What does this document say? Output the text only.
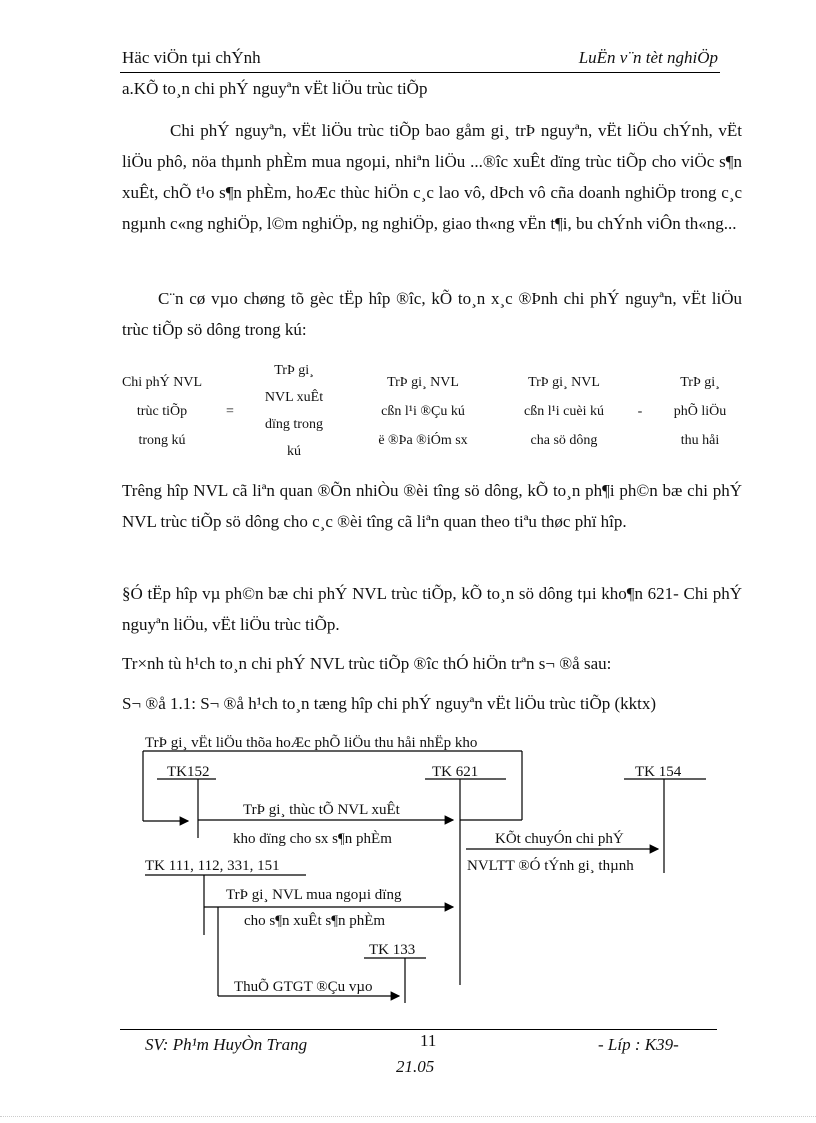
Häc viÖn tµi chÝnh	LuËn v¨n tèt nghiÖp
a.KÕ to¸n chi phÝ nguyªn vËt liÖu trùc tiÕp
Chi phÝ nguyªn, vËt liÖu trùc tiÕp bao gåm gi¸ trÞ nguyªn, vËt liÖu chÝnh, vËt liÖu phô, nöa thµnh phÈm mua ngoµi, nhiªn liÖu ...®îc xuÊt dïng trùc tiÕp cho viÖc s¶n xuÊt, chÕ t¹o s¶n phÈm, hoÆc thùc hiÖn c¸c lao vô, dÞch vô cña doanh nghiÖp trong c¸c ngµnh c«ng nghiÖp, l©m nghiÖp, ng nghiÖp, giao th«ng vËn t¶i, bu chÝnh viÔn th«ng...
C¨n cø vµo chøng tõ gèc tËp hîp ®îc, kÕ to¸n x¸c ®Þnh chi phÝ nguyªn, vËt liÖu trùc tiÕp sö dông trong kú:
Chi phÝ NVL
trùc tiÕp
trong kú
	=	
TrÞ gi¸
NVL xuÊt
dïng trong
kú

TrÞ gi¸ NVL
cßn l¹i ®Çu kú
ë ®Þa ®iÓm sx

TrÞ gi¸ NVL
cßn l¹i cuèi kú
cha sö dông
	-	
TrÞ gi¸
phÕ liÖu
thu håi
Trêng hîp NVL cã liªn quan ®Õn nhiÒu ®èi tîng sö dông, kÕ to¸n ph¶i ph©n bæ chi phÝ NVL trùc tiÕp sö dông cho c¸c ®èi tîng cã liªn quan theo tiªu thøc phï hîp.
§Ó tËp hîp vµ ph©n bæ chi phÝ NVL trùc tiÕp, kÕ to¸n sö dông tµi kho¶n 621- Chi phÝ nguyªn liÖu, vËt liÖu trùc tiÕp.
Tr×nh tù h¹ch to¸n chi phÝ NVL trùc tiÕp ®îc thÓ hiÖn trªn s¬ ®å sau:
S¬ ®å 1.1: S¬ ®å h¹ch to¸n tæng hîp chi phÝ nguyªn vËt liÖu trùc tiÕp (kktx)
TrÞ gi¸ vËt liÖu thõa hoÆc phÕ liÖu thu håi nhËp kho
TK152	TK 621	TK 154
TrÞ gi¸ thùc tÕ NVL xuÊt
kho dïng cho sx s¶n phÈm	KÕt chuyÓn chi phÝ
NVLTT ®Ó tÝnh gi¸ thµnh
TK 111, 112, 331, 151
TrÞ gi¸ NVL mua ngoµi dïng
cho s¶n xuÊt s¶n phÈm
TK 133
ThuÕ GTGT ®Çu vµo
SV: Ph¹m HuyÒn Trang	11	- Líp : K39-
21.05
